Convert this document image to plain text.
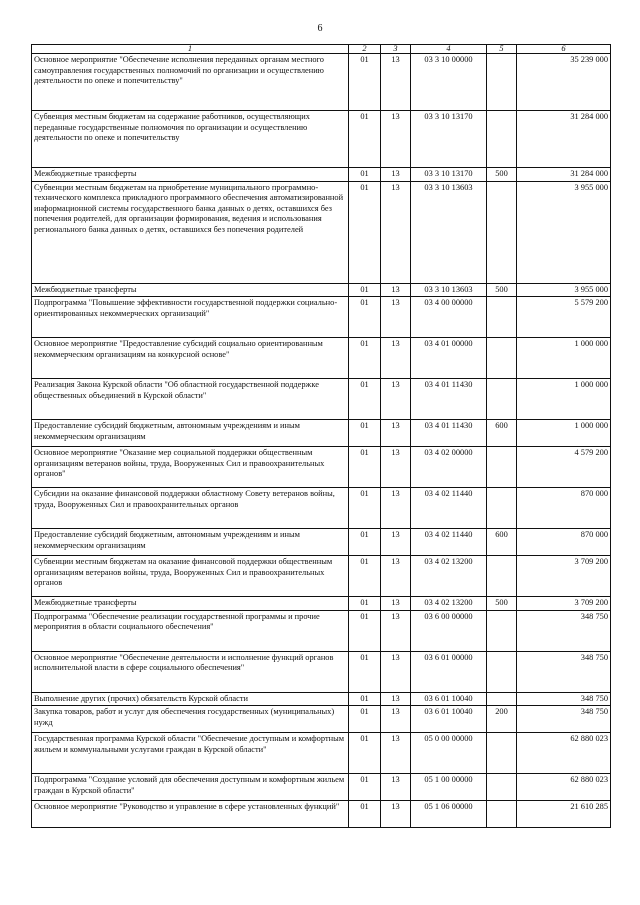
6
1	2	3	4	5	6
Основное мероприятие "Обеспечение исполнения переданных органам местного самоуправления государственных полномочий по организации и осуществлению деятельности по опеке и попечительству"	01	13	03 3 10 00000		35 239 000
Субвенция местным бюджетам на содержание работников, осуществляющих переданные государственные полномочия по организации и осуществлению деятельности по опеке и попечительству	01	13	03 3 10 13170		31 284 000
Межбюджетные трансферты	01	13	03 3 10 13170	500	31 284 000
Субвенции местным бюджетам на приобретение муниципального программно-технического комплекса прикладного программного обеспечения автоматизированной информационной системы государственного банка данных о детях, оставшихся без попечения родителей, для организации формирования, ведения и использования регионального банка данных о детях, оставшихся без попечения родителей	01	13	03 3 10 13603		3 955 000
Межбюджетные трансферты	01	13	03 3 10 13603	500	3 955 000
Подпрограмма "Повышение эффективности государственной поддержки социально-ориентированных некоммерческих организаций"	01	13	03 4 00 00000		5 579 200
Основное мероприятие "Предоставление субсидий социально ориентированным некоммерческим организациям на конкурсной основе"	01	13	03 4 01 00000		1 000 000
Реализация Закона Курской области "Об областной государственной поддержке общественных объединений в Курской области"	01	13	03 4 01 11430		1 000 000
Предоставление субсидий бюджетным, автономным учреждениям и иным некоммерческим организациям	01	13	03 4 01 11430	600	1 000 000
Основное мероприятие "Оказание мер социальной поддержки общественным организациям ветеранов войны, труда, Вооруженных Сил и правоохранительных органов"	01	13	03 4 02 00000		4 579 200
Субсидии на оказание финансовой поддержки областному Совету ветеранов войны, труда, Вооруженных Сил и правоохранительных органов	01	13	03 4 02 11440		870 000
Предоставление субсидий бюджетным, автономным учреждениям и иным некоммерческим организациям	01	13	03 4 02 11440	600	870 000
Субвенции местным бюджетам на оказание финансовой поддержки общественным организациям ветеранов войны, труда, Вооруженных Сил и правоохранительных органов	01	13	03 4 02 13200		3 709 200
Межбюджетные трансферты	01	13	03 4 02 13200	500	3 709 200
Подпрограмма "Обеспечение реализации государственной программы и прочие мероприятия в области социального обеспечения"	01	13	03 6 00 00000		348 750
Основное мероприятие "Обеспечение деятельности и исполнение функций органов исполнительной власти в сфере социального обеспечения"	01	13	03 6 01 00000		348 750
Выполнение других (прочих) обязательств Курской области	01	13	03 6 01 10040		348 750
Закупка товаров, работ и услуг для обеспечения государственных (муниципальных) нужд	01	13	03 6 01 10040	200	348 750
Государственная программа Курской области "Обеспечение доступным и комфортным жильем и коммунальными услугами граждан в Курской области"	01	13	05 0 00 00000		62 880 023
Подпрограмма "Создание условий для обеспечения доступным и комфортным жильем граждан в Курской области"	01	13	05 1 00 00000		62 880 023
Основное мероприятие "Руководство и управление в сфере установленных функций"	01	13	05 1 06 00000		21 610 285
